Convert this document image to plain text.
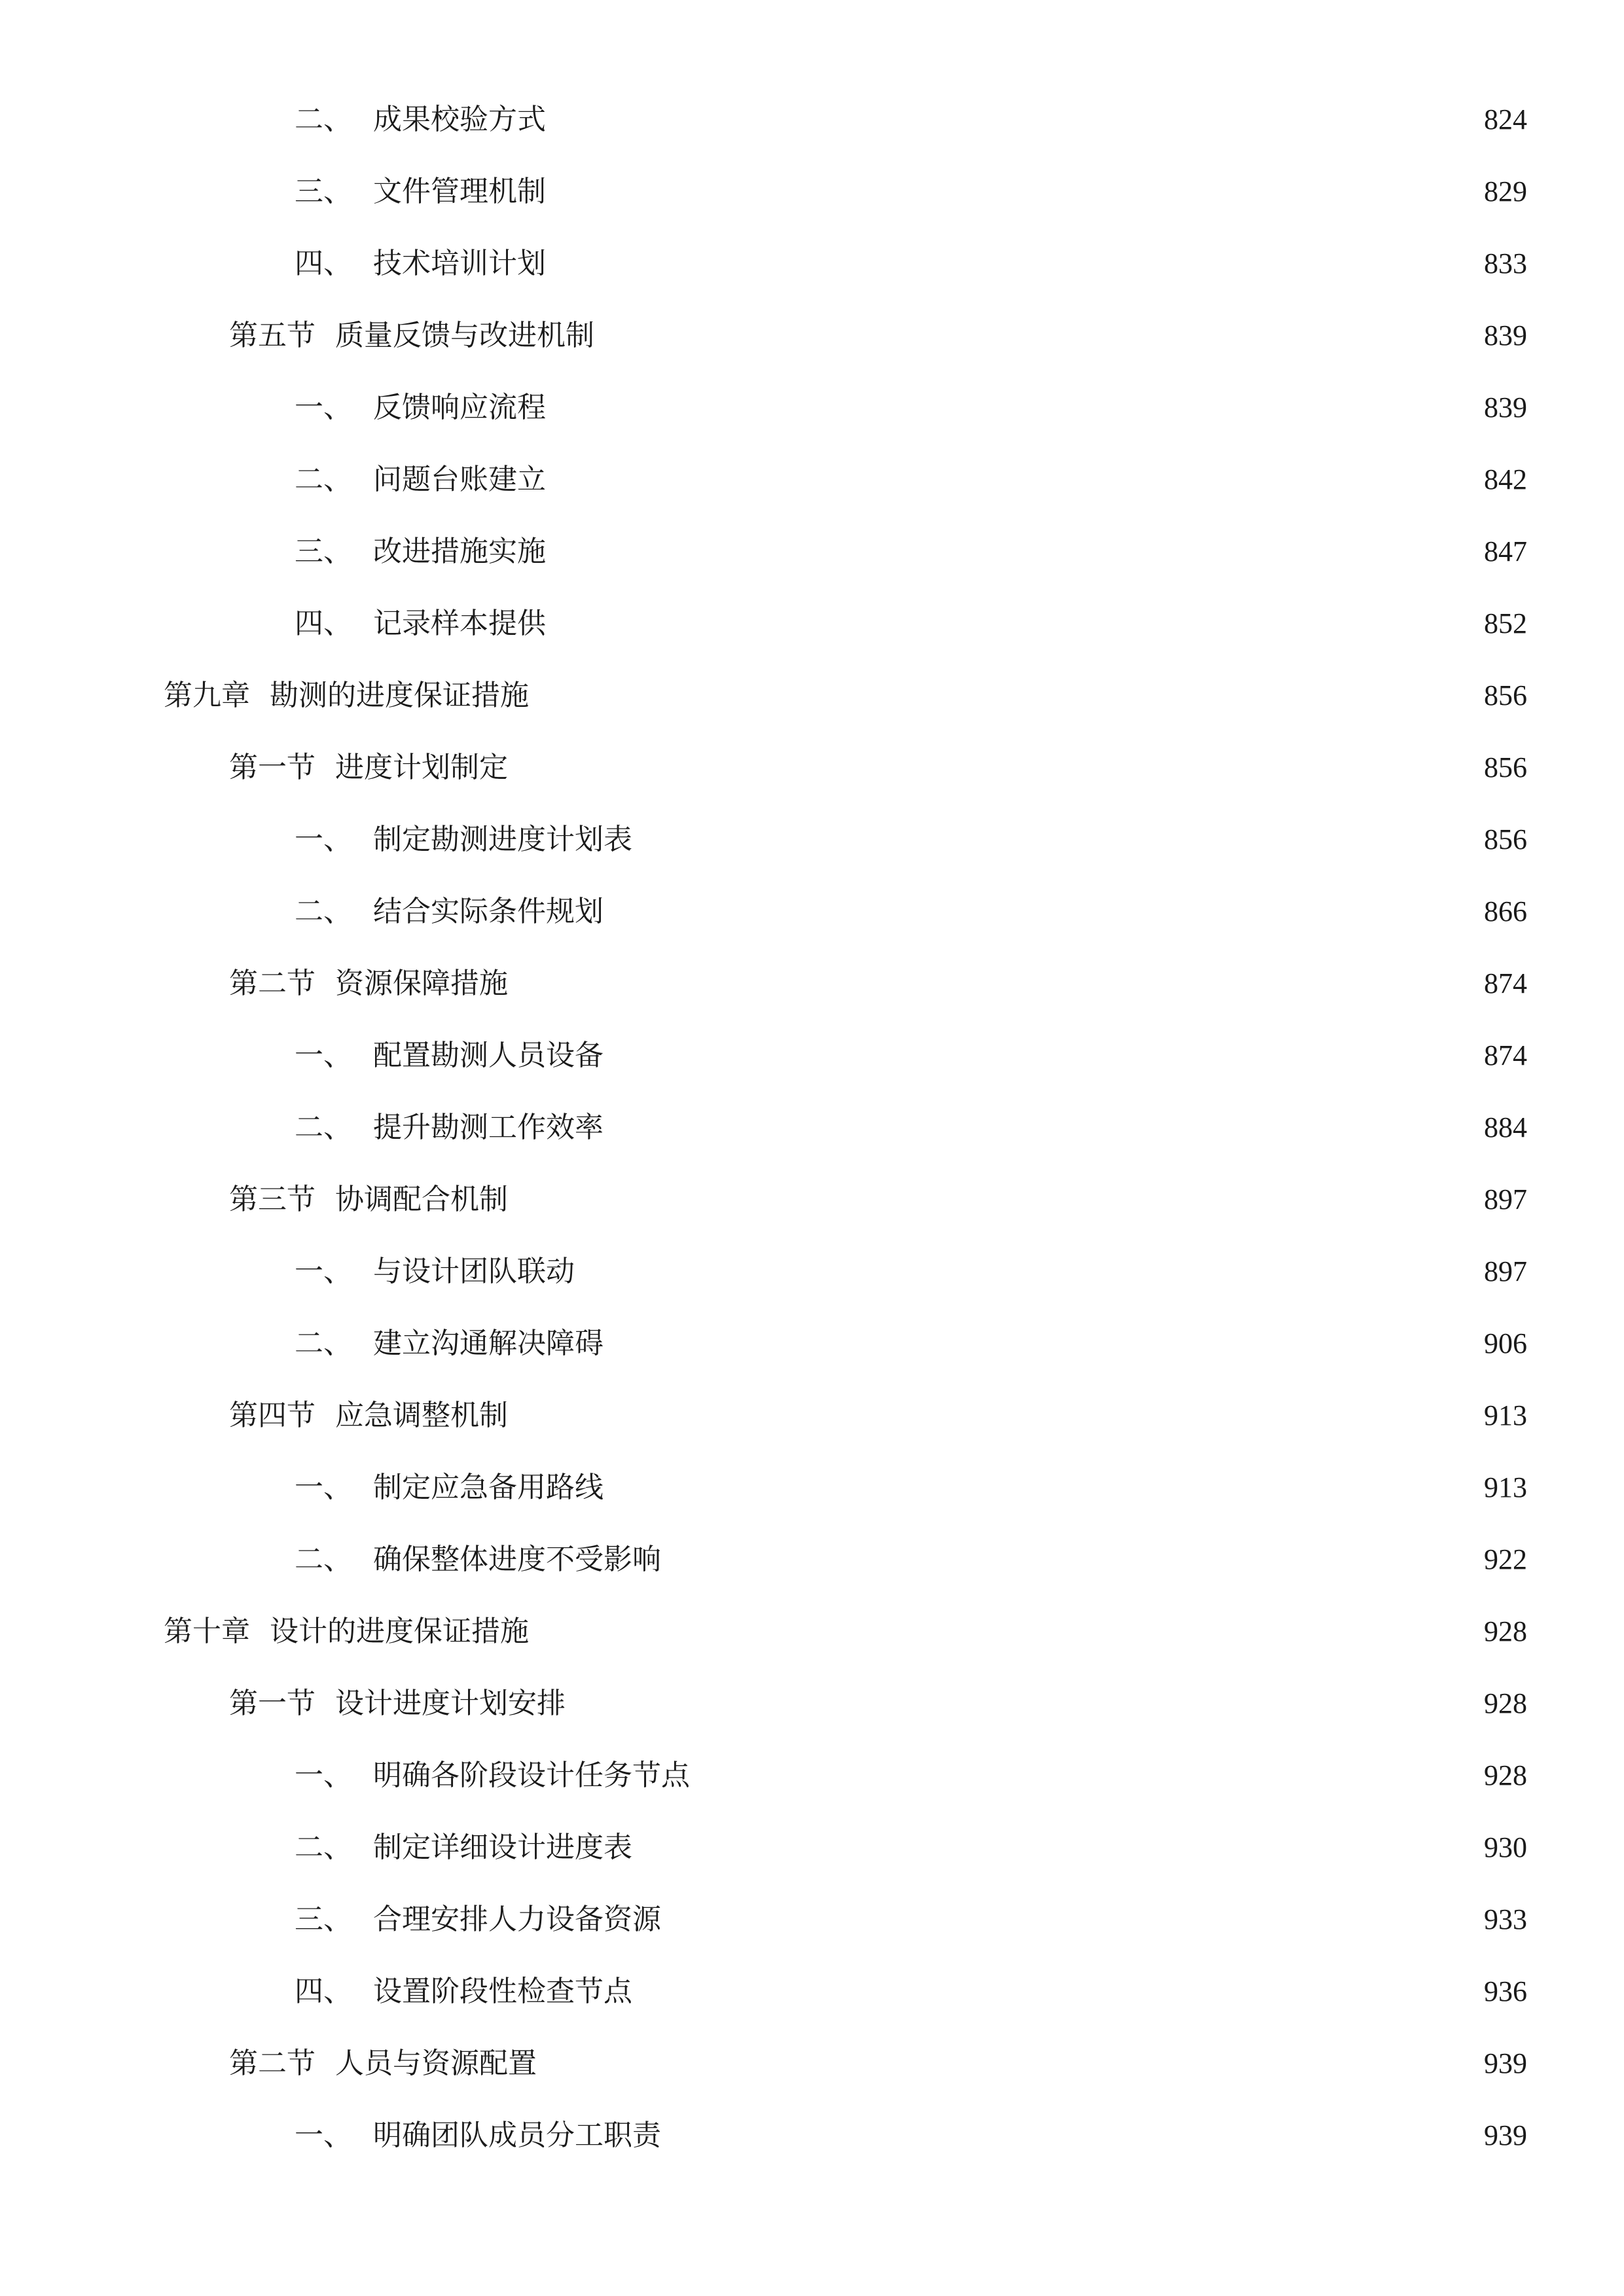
二、 成果校验方式	824
三、 文件管理机制	829
四、 技术培训计划	833
第五节 质量反馈与改进机制	839
一、 反馈响应流程	839
二、 问题台账建立	842
三、 改进措施实施	847
四、 记录样本提供	852
第九章 勘测的进度保证措施	856
第一节 进度计划制定	856
一、 制定勘测进度计划表	856
二、 结合实际条件规划	866
第二节 资源保障措施	874
一、 配置勘测人员设备	874
二、 提升勘测工作效率	884
第三节 协调配合机制	897
一、 与设计团队联动	897
二、 建立沟通解决障碍	906
第四节 应急调整机制	913
一、 制定应急备用路线	913
二、 确保整体进度不受影响	922
第十章 设计的进度保证措施	928
第一节 设计进度计划安排	928
一、 明确各阶段设计任务节点	928
二、 制定详细设计进度表	930
三、 合理安排人力设备资源	933
四、 设置阶段性检查节点	936
第二节 人员与资源配置	939
一、 明确团队成员分工职责	939
